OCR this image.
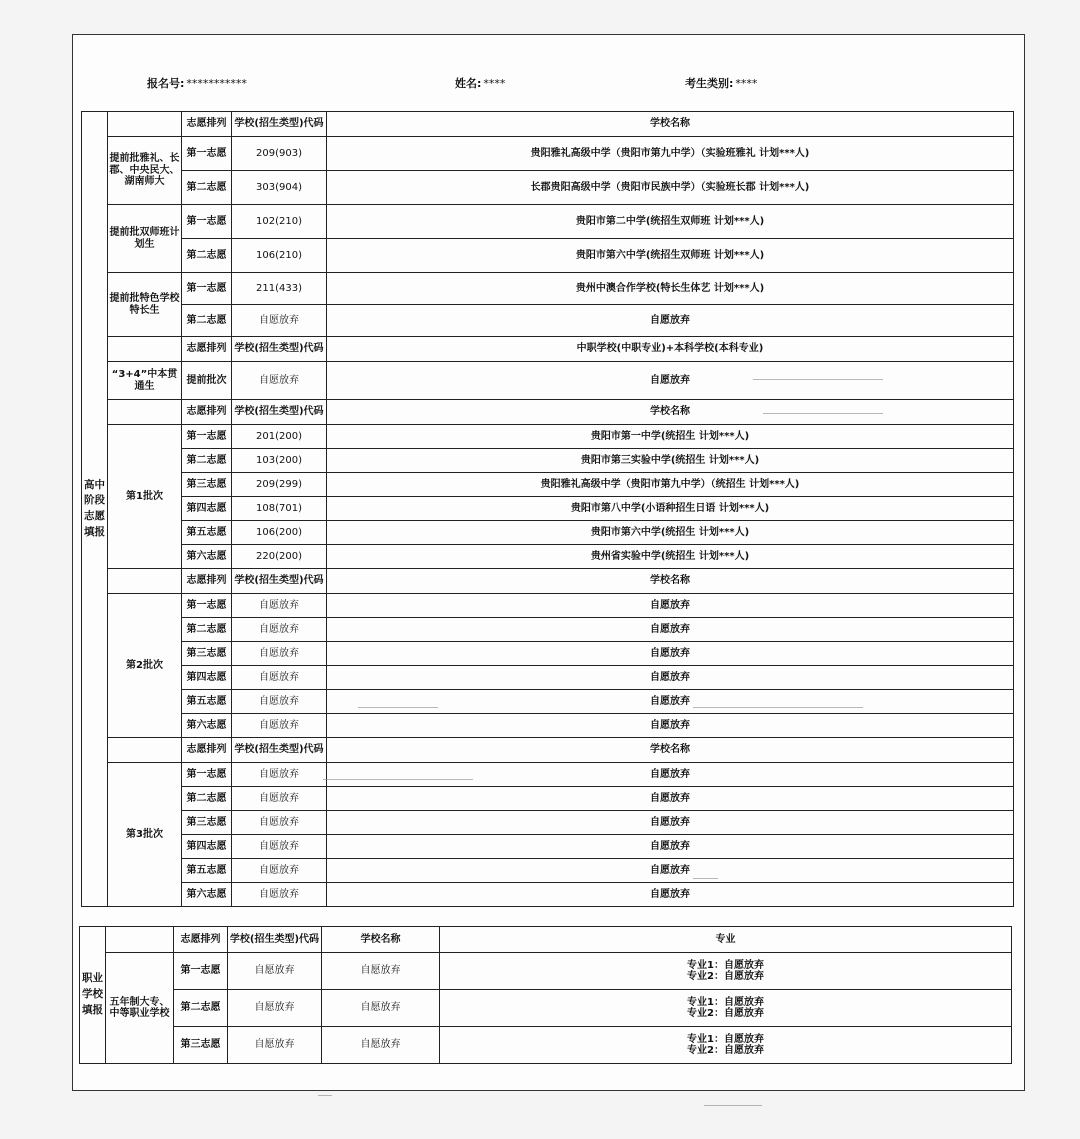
报名号: ***********	姓名: ****	考生类别: ****
高中阶段志愿填报		志愿排列	学校(招生类型)代码	学校名称
	提前批雅礼、长郡、中央民大、湖南师大	第一志愿	209(903)	贵阳雅礼高级中学（贵阳市第九中学）（实验班雅礼 计划***人)
		第二志愿	303(904)	长郡贵阳高级中学（贵阳市民族中学）（实验班长郡 计划***人)
	提前批双师班计划生	第一志愿	102(210)	贵阳市第二中学(统招生双师班 计划***人)
		第二志愿	106(210)	贵阳市第六中学(统招生双师班 计划***人)
	提前批特色学校特长生	第一志愿	211(433)	贵州中澳合作学校(特长生体艺 计划***人)
		第二志愿	自愿放弃	自愿放弃
		志愿排列	学校(招生类型)代码	中职学校(中职专业)+本科学校(本科专业)
	“3+4”中本贯通生	提前批次	自愿放弃	自愿放弃
		志愿排列	学校(招生类型)代码	学校名称
	第1批次	第一志愿	201(200)	贵阳市第一中学(统招生 计划***人)
		第二志愿	103(200)	贵阳市第三实验中学(统招生 计划***人)
		第三志愿	209(299)	贵阳雅礼高级中学（贵阳市第九中学）（统招生 计划***人)
		第四志愿	108(701)	贵阳市第八中学(小语种招生日语 计划***人)
		第五志愿	106(200)	贵阳市第六中学(统招生 计划***人)
		第六志愿	220(200)	贵州省实验中学(统招生 计划***人)
		志愿排列	学校(招生类型)代码	学校名称
	第2批次	第一志愿	自愿放弃	自愿放弃
		第二志愿	自愿放弃	自愿放弃
		第三志愿	自愿放弃	自愿放弃
		第四志愿	自愿放弃	自愿放弃
		第五志愿	自愿放弃	自愿放弃
		第六志愿	自愿放弃	自愿放弃
		志愿排列	学校(招生类型)代码	学校名称
	第3批次	第一志愿	自愿放弃	自愿放弃
		第二志愿	自愿放弃	自愿放弃
		第三志愿	自愿放弃	自愿放弃
		第四志愿	自愿放弃	自愿放弃
		第五志愿	自愿放弃	自愿放弃
		第六志愿	自愿放弃	自愿放弃
职业学校填报		志愿排列	学校(招生类型)代码	学校名称	专业
	五年制大专、中等职业学校	第一志愿	自愿放弃	自愿放弃	专业1：自愿放弃
专业2：自愿放弃

		第二志愿	自愿放弃	自愿放弃	专业1：自愿放弃
专业2：自愿放弃

		第三志愿	自愿放弃	自愿放弃	专业1：自愿放弃
专业2：自愿放弃
